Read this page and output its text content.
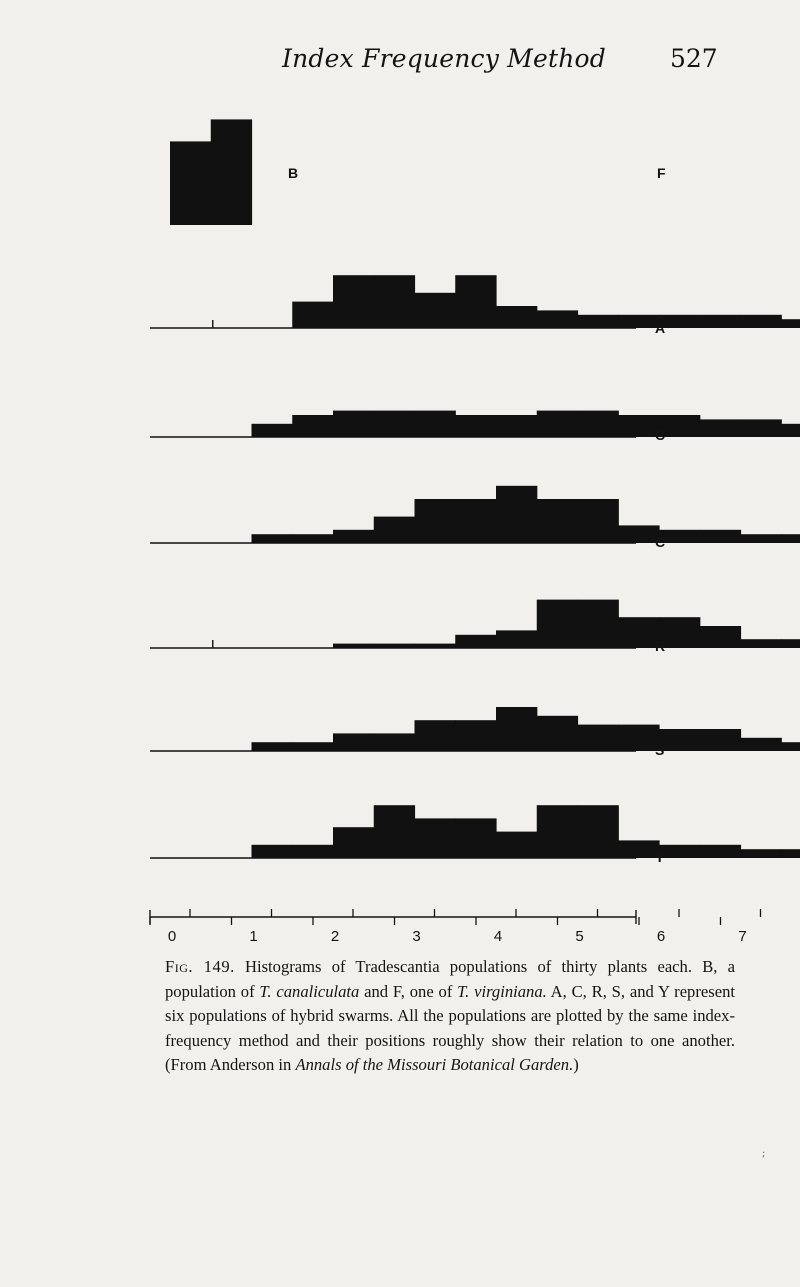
Index Frequency Method	527
B	F
A
C
C
R
S
Y
0	1	2	3	4	5	6	7
Fig. 149. Histograms of Tradescantia populations of thirty plants each. B, a population of T. canaliculata and F, one of T. virginiana. A, C, R, S, and Y represent six populations of hybrid swarms. All the populations are plotted by the same index-frequency method and their positions roughly show their relation to one another. (From Anderson in Annals of the Missouri Botanical Garden.)
;
